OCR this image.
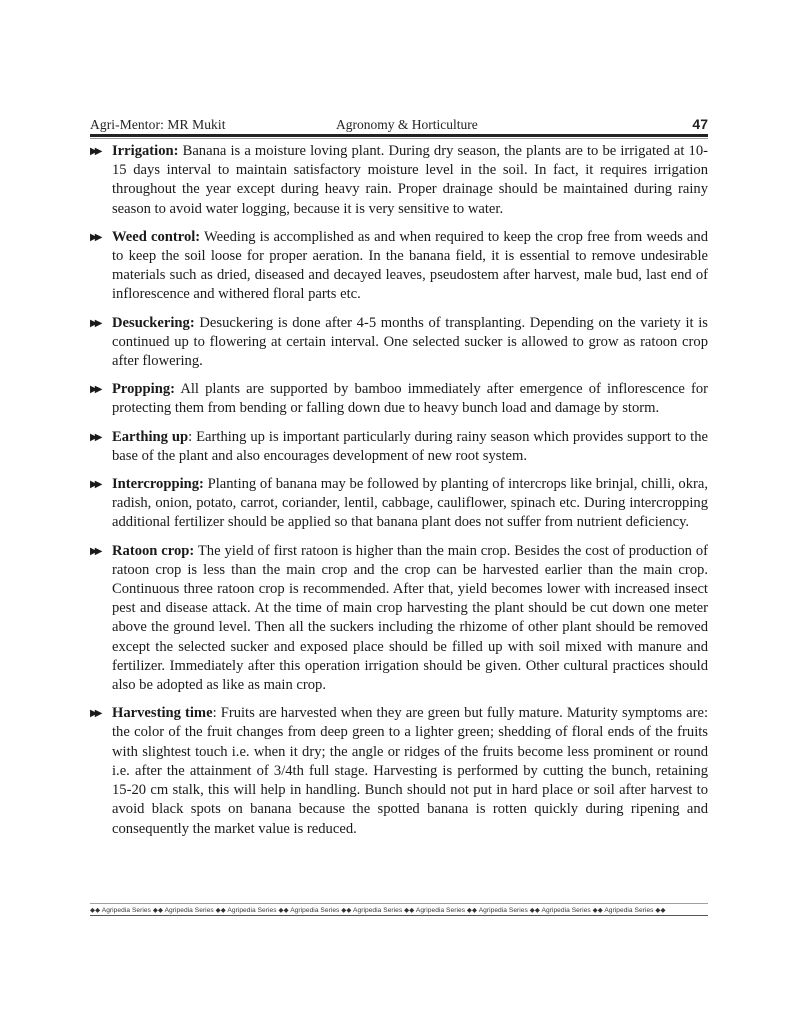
Agri-Mentor: MR Mukit	Agronomy & Horticulture	47
▶▶ Irrigation: Banana is a moisture loving plant. During dry season, the plants are to be irrigated at 10-15 days interval to maintain satisfactory moisture level in the soil. In fact, it requires irrigation throughout the year except during heavy rain. Proper drainage should be maintained during rainy season to avoid water logging, because it is very sensitive to water.
▶▶ Weed control: Weeding is accomplished as and when required to keep the crop free from weeds and to keep the soil loose for proper aeration. In the banana field, it is essential to remove undesirable materials such as dried, diseased and decayed leaves, pseudostem after harvest, male bud, last end of inflorescence and withered floral parts etc.
▶▶ Desuckering: Desuckering is done after 4-5 months of transplanting. Depending on the variety it is continued up to flowering at certain interval. One selected sucker is allowed to grow as ratoon crop after flowering.
▶▶ Propping: All plants are supported by bamboo immediately after emergence of inflorescence for protecting them from bending or falling down due to heavy bunch load and damage by storm.
▶▶ Earthing up: Earthing up is important particularly during rainy season which provides support to the base of the plant and also encourages development of new root system.
▶▶ Intercropping: Planting of banana may be followed by planting of intercrops like brinjal, chilli, okra, radish, onion, potato, carrot, coriander, lentil, cabbage, cauliflower, spinach etc. During intercropping additional fertilizer should be applied so that banana plant does not suffer from nutrient deficiency.
▶▶ Ratoon crop: The yield of first ratoon is higher than the main crop. Besides the cost of production of ratoon crop is less than the main crop and the crop can be harvested earlier than the main crop. Continuous three ratoon crop is recommended. After that, yield becomes lower with increased insect pest and disease attack. At the time of main crop harvesting the plant should be cut down one meter above the ground level. Then all the suckers including the rhizome of other plant should be removed except the selected sucker and exposed place should be filled up with soil mixed with manure and fertilizer. Immediately after this operation irrigation should be given. Other cultural practices should also be adopted as like as main crop.
▶▶ Harvesting time: Fruits are harvested when they are green but fully mature. Maturity symptoms are: the color of the fruit changes from deep green to a lighter green; shedding of floral ends of the fruits with slightest touch i.e. when it dry; the angle or ridges of the fruits become less prominent or round i.e. after the attainment of 3/4th full stage. Harvesting is performed by cutting the bunch, retaining 15-20 cm stalk, this will help in handling. Bunch should not put in hard place or soil after harvest to avoid black spots on banana because the spotted banana is rotten quickly during ripening and consequently the market value is reduced.
◆◆ Agripedia Series ◆◆ Agripedia Series ◆◆ Agripedia Series ◆◆ Agripedia Series ◆◆ Agripedia Series ◆◆ Agripedia Series ◆◆ Agripedia Series ◆◆ Agripedia Series ◆◆ Agripedia Series ◆◆
